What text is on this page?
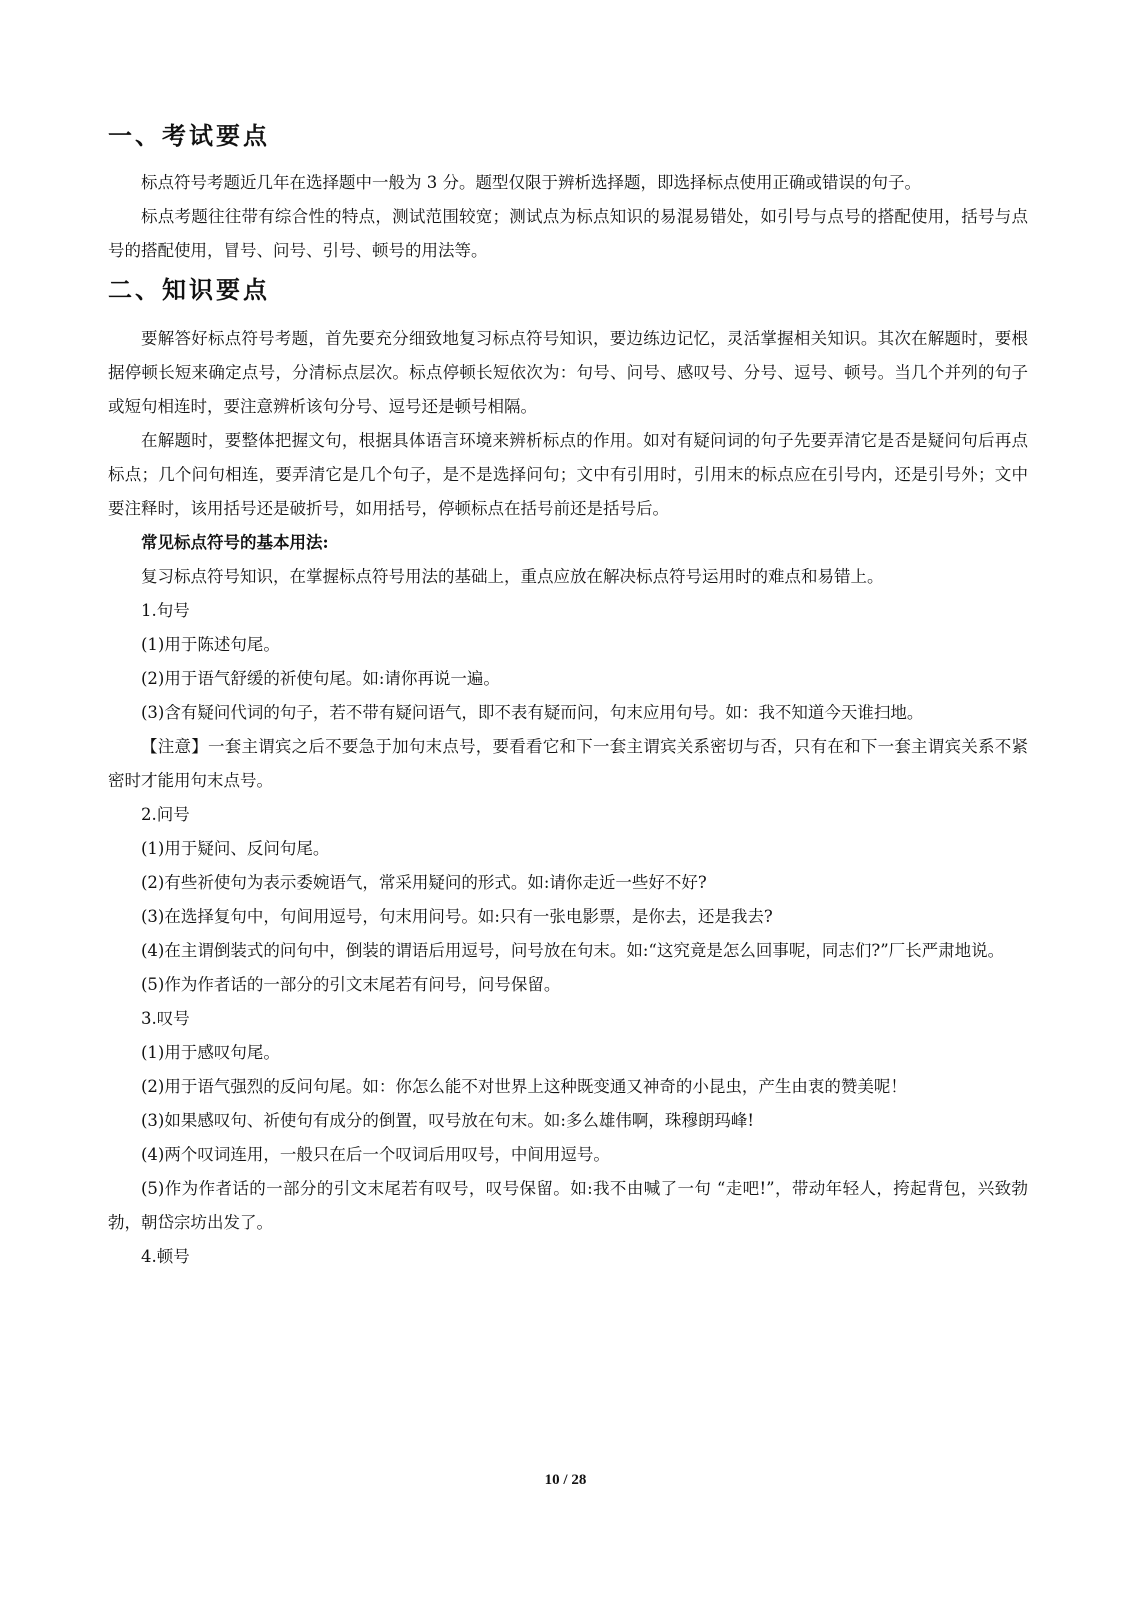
一、考试要点

标点符号考题近几年在选择题中一般为 3 分。题型仅限于辨析选择题，即选择标点使用正确或错误的句子。

标点考题往往带有综合性的特点，测试范围较宽；测试点为标点知识的易混易错处，如引号与点号的搭配使用，括号与点号的搭配使用，冒号、问号、引号、顿号的用法等。

二、知识要点

要解答好标点符号考题，首先要充分细致地复习标点符号知识，要边练边记忆，灵活掌握相关知识。其次在解题时，要根据停顿长短来确定点号，分清标点层次。标点停顿长短依次为：句号、问号、感叹号、分号、逗号、顿号。当几个并列的句子或短句相连时，要注意辨析该句分号、逗号还是顿号相隔。

在解题时，要整体把握文句，根据具体语言环境来辨析标点的作用。如对有疑问词的句子先要弄清它是否是疑问句后再点标点；几个问句相连，要弄清它是几个句子，是不是选择问句；文中有引用时，引用末的标点应在引号内，还是引号外；文中要注释时，该用括号还是破折号，如用括号，停顿标点在括号前还是括号后。

常见标点符号的基本用法:

复习标点符号知识，在掌握标点符号用法的基础上，重点应放在解决标点符号运用时的难点和易错上。

1.句号

(1)用于陈述句尾。

(2)用于语气舒缓的祈使句尾。如:请你再说一遍。

(3)含有疑问代词的句子，若不带有疑问语气，即不表有疑而问，句末应用句号。如：我不知道今天谁扫地。

【注意】一套主谓宾之后不要急于加句末点号，要看看它和下一套主谓宾关系密切与否，只有在和下一套主谓宾关系不紧密时才能用句末点号。

2.问号

(1)用于疑问、反问句尾。

(2)有些祈使句为表示委婉语气，常采用疑问的形式。如:请你走近一些好不好?

(3)在选择复句中，句间用逗号，句末用问号。如:只有一张电影票，是你去，还是我去?

(4)在主谓倒装式的问句中，倒装的谓语后用逗号，问号放在句末。如:“这究竟是怎么回事呢，同志们?”厂长严肃地说。

(5)作为作者话的一部分的引文末尾若有问号，问号保留。

3.叹号

(1)用于感叹句尾。

(2)用于语气强烈的反问句尾。如：你怎么能不对世界上这种既变通又神奇的小昆虫，产生由衷的赞美呢！

(3)如果感叹句、祈使句有成分的倒置，叹号放在句末。如:多么雄伟啊，珠穆朗玛峰!

(4)两个叹词连用，一般只在后一个叹词后用叹号，中间用逗号。

(5)作为作者话的一部分的引文末尾若有叹号，叹号保留。如:我不由喊了一句 “走吧!”，带动年轻人，挎起背包，兴致勃勃，朝岱宗坊出发了。

4.顿号

10 / 28
